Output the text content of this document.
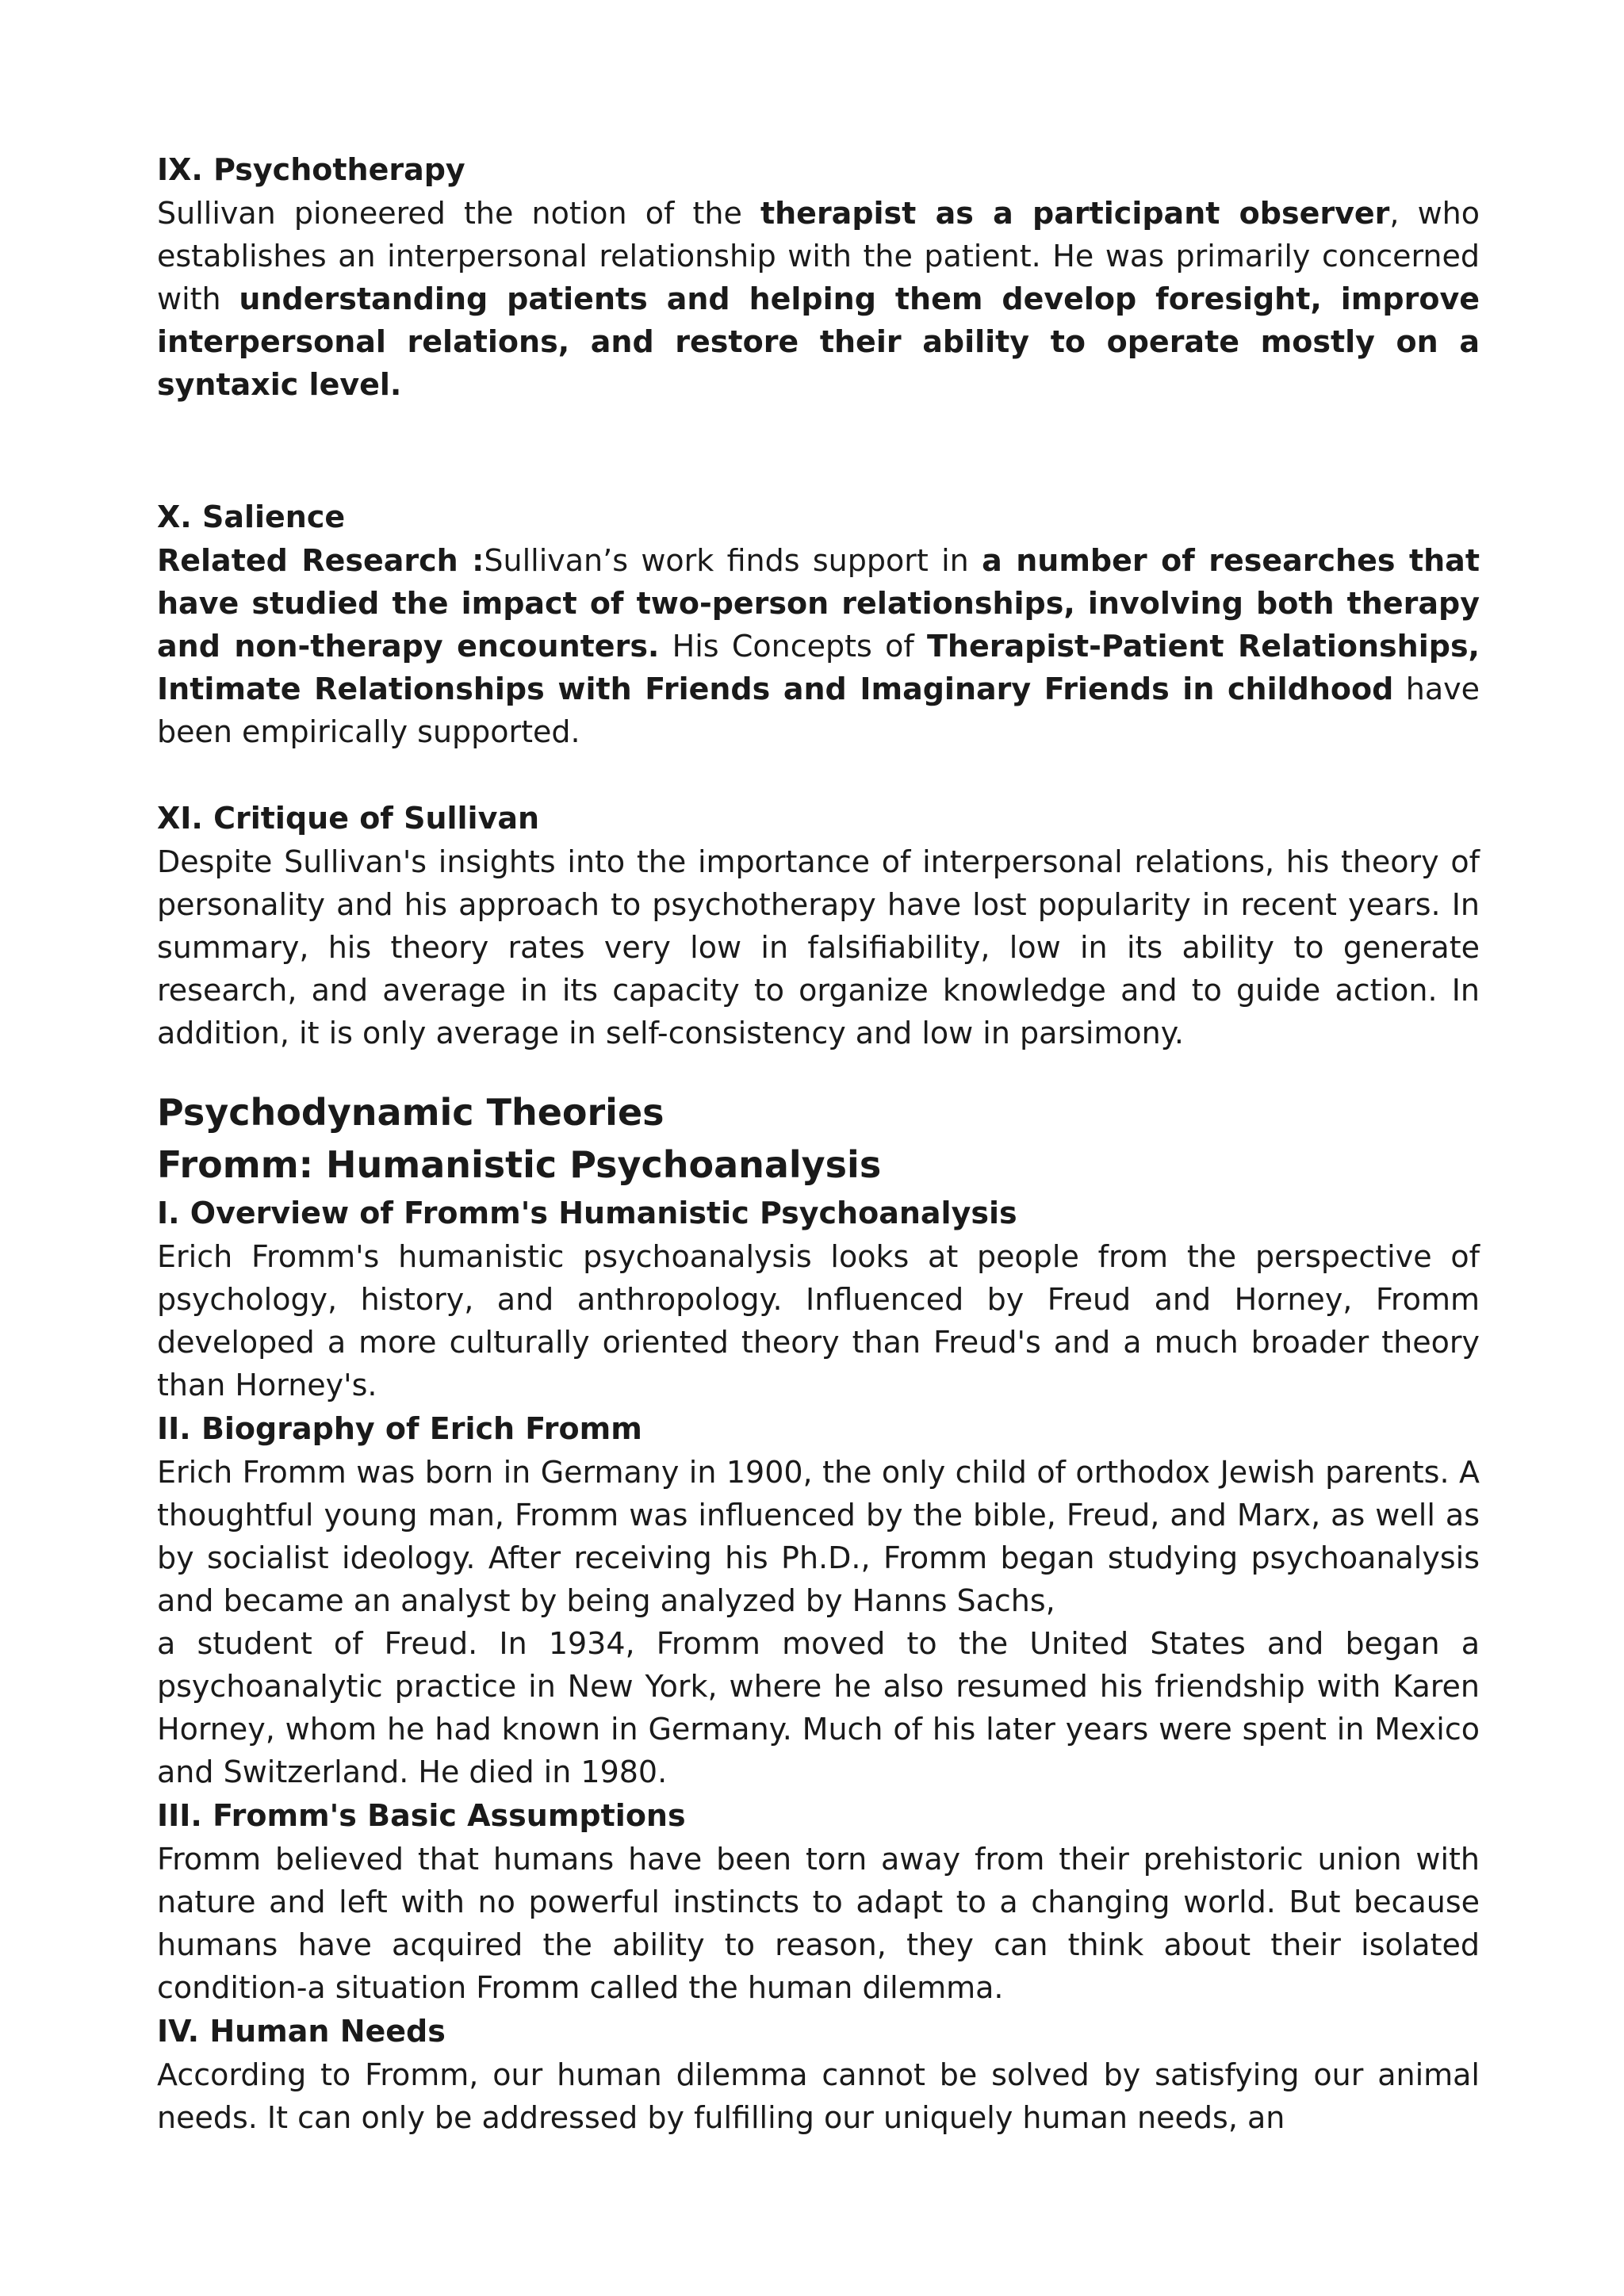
IX. Psychotherapy

Sullivan pioneered the notion of the therapist as a participant observer, who establishes an interpersonal relationship with the patient. He was primarily concerned with understanding patients and helping them develop foresight, improve interpersonal relations, and restore their ability to operate mostly on a syntaxic level.

X. Salience

Related Research :Sullivan’s work finds support in a number of researches that have studied the impact of two-person relationships, involving both therapy and non-therapy encounters. His Concepts of Therapist-Patient Relationships, Intimate Relationships with Friends and Imaginary Friends in childhood have been empirically supported.

XI. Critique of Sullivan

Despite Sullivan's insights into the importance of interpersonal relations, his theory of personality and his approach to psychotherapy have lost popularity in recent years. In summary, his theory rates very low in falsifiability, low in its ability to generate research, and average in its capacity to organize knowledge and to guide action. In addition, it is only average in self-consistency and low in parsimony.

Psychodynamic Theories
Fromm: Humanistic Psychoanalysis
I. Overview of Fromm's Humanistic Psychoanalysis

Erich Fromm's humanistic psychoanalysis looks at people from the perspective of psychology, history, and anthropology. Influenced by Freud and Horney, Fromm developed a more culturally oriented theory than Freud's and a much broader theory than Horney's.

II. Biography of Erich Fromm

Erich Fromm was born in Germany in 1900, the only child of orthodox Jewish parents. A thoughtful young man, Fromm was influenced by the bible, Freud, and Marx, as well as by socialist ideology. After receiving his Ph.D., Fromm began studying psychoanalysis and became an analyst by being analyzed by Hanns Sachs,

a student of Freud. In 1934, Fromm moved to the United States and began a psychoanalytic practice in New York, where he also resumed his friendship with Karen Horney, whom he had known in Germany. Much of his later years were spent in Mexico and Switzerland. He died in 1980.

III. Fromm's Basic Assumptions

Fromm believed that humans have been torn away from their prehistoric union with nature and left with no powerful instincts to adapt to a changing world. But because humans have acquired the ability to reason, they can think about their isolated condition-a situation Fromm called the human dilemma.

IV. Human Needs

According to Fromm, our human dilemma cannot be solved by satisfying our animal needs. It can only be addressed by fulfilling our uniquely human needs, an
